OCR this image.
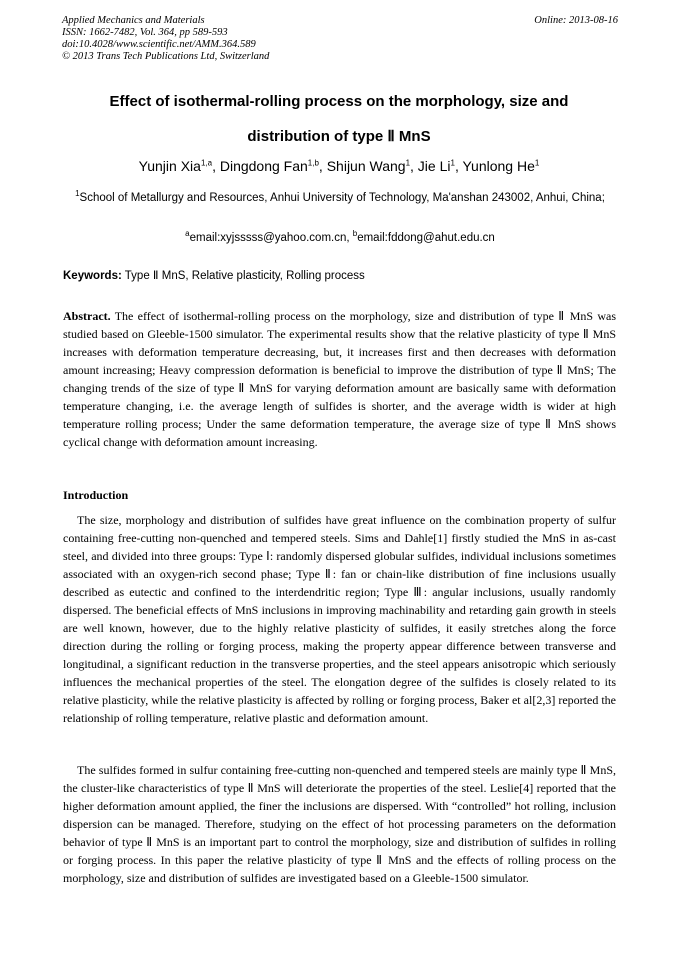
Applied Mechanics and Materials
ISSN: 1662-7482, Vol. 364, pp 589-593
doi:10.4028/www.scientific.net/AMM.364.589
© 2013 Trans Tech Publications Ltd, Switzerland
Online: 2013-08-16
Effect of isothermal-rolling process on the morphology, size and
distribution of type Ⅱ MnS
Yunjin Xia$^{1,a}$, Dingdong Fan$^{1,b}$, Shijun Wang$^1$, Jie Li$^1$, Yunlong He$^1$
$^1$School of Metallurgy and Resources, Anhui University of Technology, Ma'anshan 243002, Anhui, China;
$^a$email:xyjsssss@yahoo.com.cn, $^b$email:fddong@ahut.edu.cn
Keywords: Type Ⅱ MnS, Relative plasticity, Rolling process
Abstract. The effect of isothermal-rolling process on the morphology, size and distribution of type Ⅱ MnS was studied based on Gleeble-1500 simulator. The experimental results show that the relative plasticity of type Ⅱ MnS increases with deformation temperature decreasing, but, it increases first and then decreases with deformation amount increasing; Heavy compression deformation is beneficial to improve the distribution of type Ⅱ MnS; The changing trends of the size of type Ⅱ MnS for varying deformation amount are basically same with deformation temperature changing, i.e. the average length of sulfides is shorter, and the average width is wider at high temperature rolling process; Under the same deformation temperature, the average size of type Ⅱ MnS shows cyclical change with deformation amount increasing.
Introduction
The size, morphology and distribution of sulfides have great influence on the combination property of sulfur containing free-cutting non-quenched and tempered steels. Sims and Dahle[1] firstly studied the MnS in as-cast steel, and divided into three groups: Type Ⅰ: randomly dispersed globular sulfides, individual inclusions sometimes associated with an oxygen-rich second phase; Type Ⅱ: fan or chain-like distribution of fine inclusions usually described as eutectic and confined to the interdendritic region; Type Ⅲ: angular inclusions, usually randomly dispersed. The beneficial effects of MnS inclusions in improving machinability and retarding gain growth in steels are well known, however, due to the highly relative plasticity of sulfides, it easily stretches along the force direction during the rolling or forging process, making the property appear difference between transverse and longitudinal, a significant reduction in the transverse properties, and the steel appears anisotropic which seriously influences the mechanical properties of the steel. The elongation degree of the sulfides is closely related to its relative plasticity, while the relative plasticity is affected by rolling or forging process, Baker et al[2,3] reported the relationship of rolling temperature, relative plastic and deformation amount.
The sulfides formed in sulfur containing free-cutting non-quenched and tempered steels are mainly type Ⅱ MnS, the cluster-like characteristics of type Ⅱ MnS will deteriorate the properties of the steel. Leslie[4] reported that the higher deformation amount applied, the finer the inclusions are dispersed. With “controlled” hot rolling, inclusion dispersion can be managed. Therefore, studying on the effect of hot processing parameters on the deformation behavior of type Ⅱ MnS is an important part to control the morphology, size and distribution of sulfides in rolling or forging process. In this paper the relative plasticity of type Ⅱ MnS and the effects of rolling process on the morphology, size and distribution of sulfides are investigated based on a Gleeble-1500 simulator.
